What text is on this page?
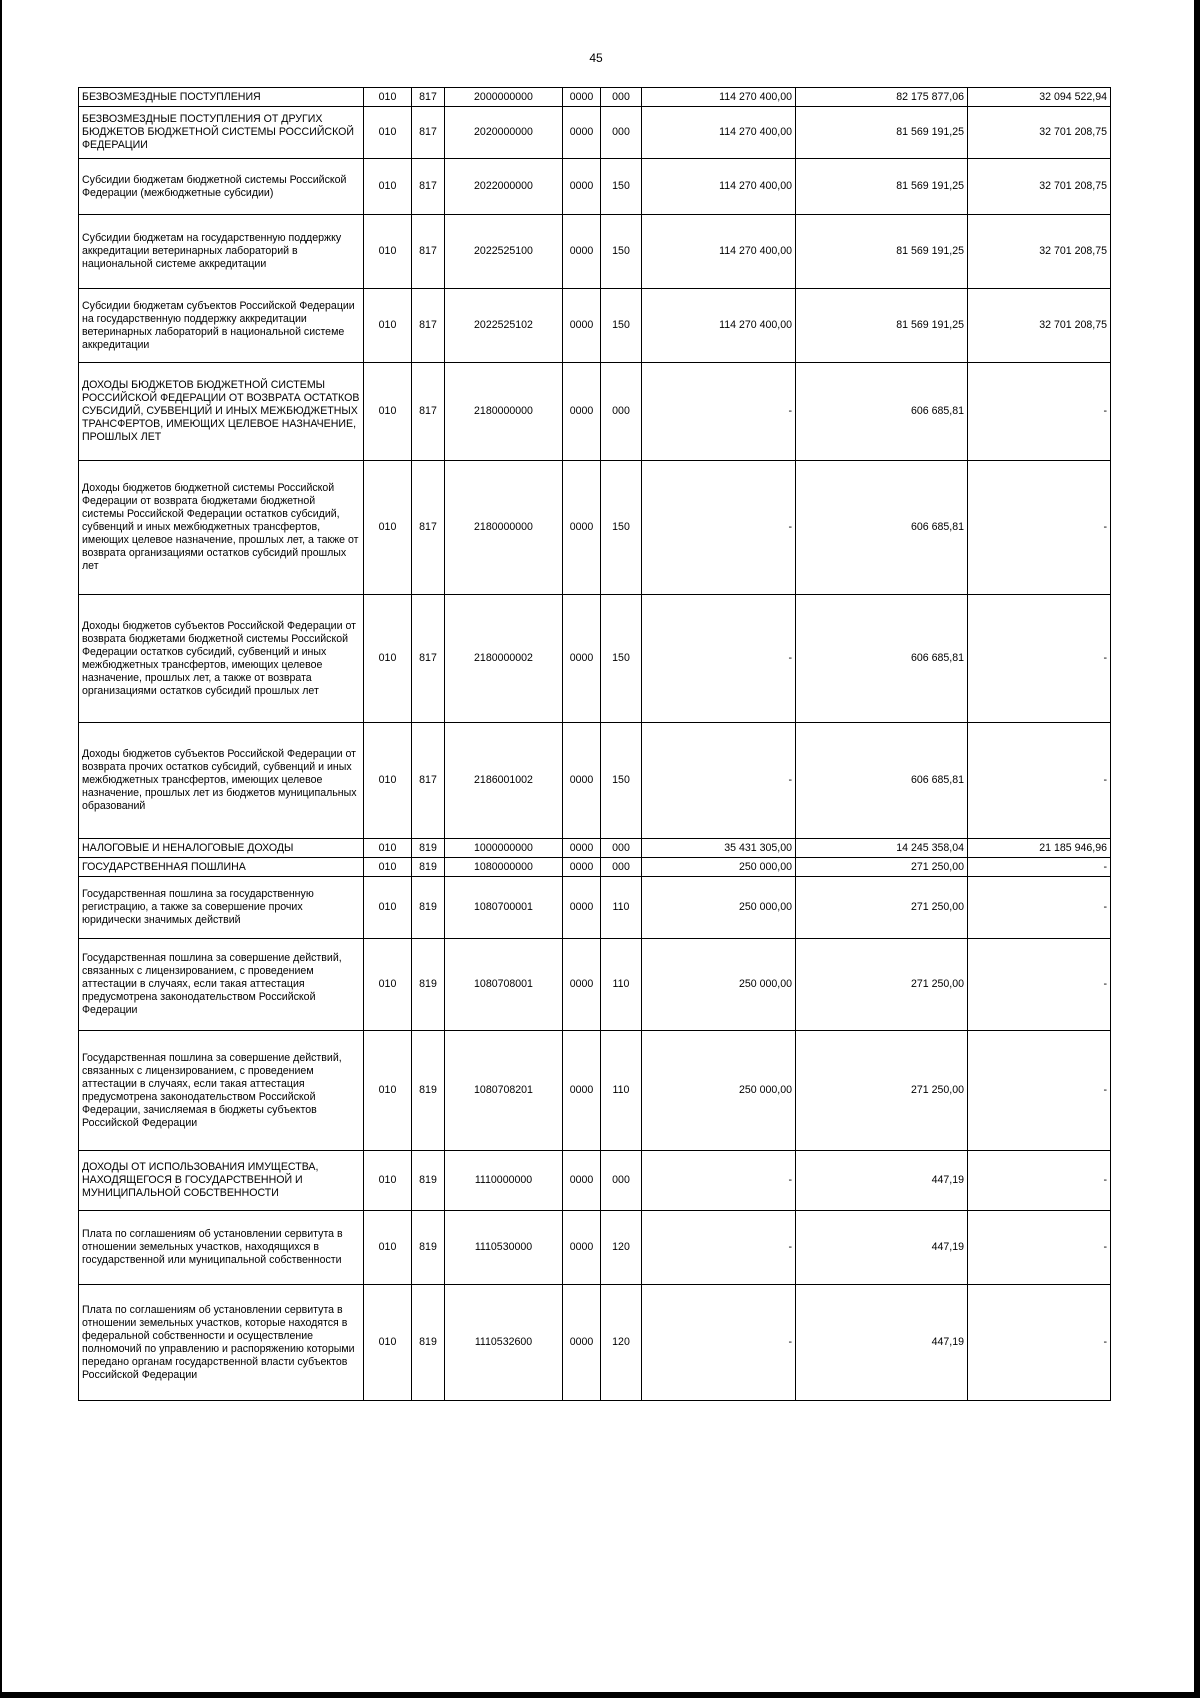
45
БЕЗВОЗМЕЗДНЫЕ ПОСТУПЛЕНИЯ	010	817	2000000000	0000	000	114 270 400,00	82 175 877,06	32 094 522,94
БЕЗВОЗМЕЗДНЫЕ ПОСТУПЛЕНИЯ ОТ ДРУГИХ БЮДЖЕТОВ БЮДЖЕТНОЙ СИСТЕМЫ РОССИЙСКОЙ ФЕДЕРАЦИИ	010	817	2020000000	0000	000	114 270 400,00	81 569 191,25	32 701 208,75
Субсидии бюджетам бюджетной системы Российской Федерации (межбюджетные субсидии)	010	817	2022000000	0000	150	114 270 400,00	81 569 191,25	32 701 208,75
Субсидии бюджетам на государственную поддержку аккредитации ветеринарных лабораторий в национальной системе аккредитации	010	817	2022525100	0000	150	114 270 400,00	81 569 191,25	32 701 208,75
Субсидии бюджетам субъектов Российской Федерации на государственную поддержку аккредитации ветеринарных лабораторий в национальной системе аккредитации	010	817	2022525102	0000	150	114 270 400,00	81 569 191,25	32 701 208,75
ДОХОДЫ БЮДЖЕТОВ БЮДЖЕТНОЙ СИСТЕМЫ РОССИЙСКОЙ ФЕДЕРАЦИИ ОТ ВОЗВРАТА ОСТАТКОВ СУБСИДИЙ, СУБВЕНЦИЙ И ИНЫХ МЕЖБЮДЖЕТНЫХ ТРАНСФЕРТОВ, ИМЕЮЩИХ ЦЕЛЕВОЕ НАЗНАЧЕНИЕ, ПРОШЛЫХ ЛЕТ	010	817	2180000000	0000	000	-	606 685,81	-
Доходы бюджетов бюджетной системы Российской Федерации от возврата бюджетами бюджетной системы Российской Федерации остатков субсидий, субвенций и иных межбюджетных трансфертов, имеющих целевое назначение, прошлых лет, а также от возврата организациями остатков субсидий прошлых лет	010	817	2180000000	0000	150	-	606 685,81	-
Доходы бюджетов субъектов Российской Федерации от возврата бюджетами бюджетной системы Российской Федерации остатков субсидий, субвенций и иных межбюджетных трансфертов, имеющих целевое назначение, прошлых лет, а также от возврата организациями остатков субсидий прошлых лет	010	817	2180000002	0000	150	-	606 685,81	-
Доходы бюджетов субъектов Российской Федерации от возврата прочих остатков субсидий, субвенций и иных межбюджетных трансфертов, имеющих целевое назначение, прошлых лет из бюджетов муниципальных образований	010	817	2186001002	0000	150	-	606 685,81	-
НАЛОГОВЫЕ И НЕНАЛОГОВЫЕ ДОХОДЫ	010	819	1000000000	0000	000	35 431 305,00	14 245 358,04	21 185 946,96
ГОСУДАРСТВЕННАЯ ПОШЛИНА	010	819	1080000000	0000	000	250 000,00	271 250,00	-
Государственная пошлина за государственную регистрацию, а также за совершение прочих юридически значимых действий	010	819	1080700001	0000	110	250 000,00	271 250,00	-
Государственная пошлина за совершение действий, связанных с лицензированием, с проведением аттестации в случаях, если такая аттестация предусмотрена законодательством Российской Федерации	010	819	1080708001	0000	110	250 000,00	271 250,00	-
Государственная пошлина за совершение действий, связанных с лицензированием, с проведением аттестации в случаях, если такая аттестация предусмотрена законодательством Российской Федерации, зачисляемая в бюджеты субъектов Российской Федерации	010	819	1080708201	0000	110	250 000,00	271 250,00	-
ДОХОДЫ ОТ ИСПОЛЬЗОВАНИЯ ИМУЩЕСТВА, НАХОДЯЩЕГОСЯ В ГОСУДАРСТВЕННОЙ И МУНИЦИПАЛЬНОЙ СОБСТВЕННОСТИ	010	819	1110000000	0000	000	-	447,19	-
Плата по соглашениям об установлении сервитута в отношении земельных участков, находящихся в государственной или муниципальной собственности	010	819	1110530000	0000	120	-	447,19	-
Плата по соглашениям об установлении сервитута в отношении земельных участков, которые находятся в федеральной собственности и осуществление полномочий по управлению и распоряжению которыми передано органам государственной власти субъектов Российской Федерации	010	819	1110532600	0000	120	-	447,19	-
